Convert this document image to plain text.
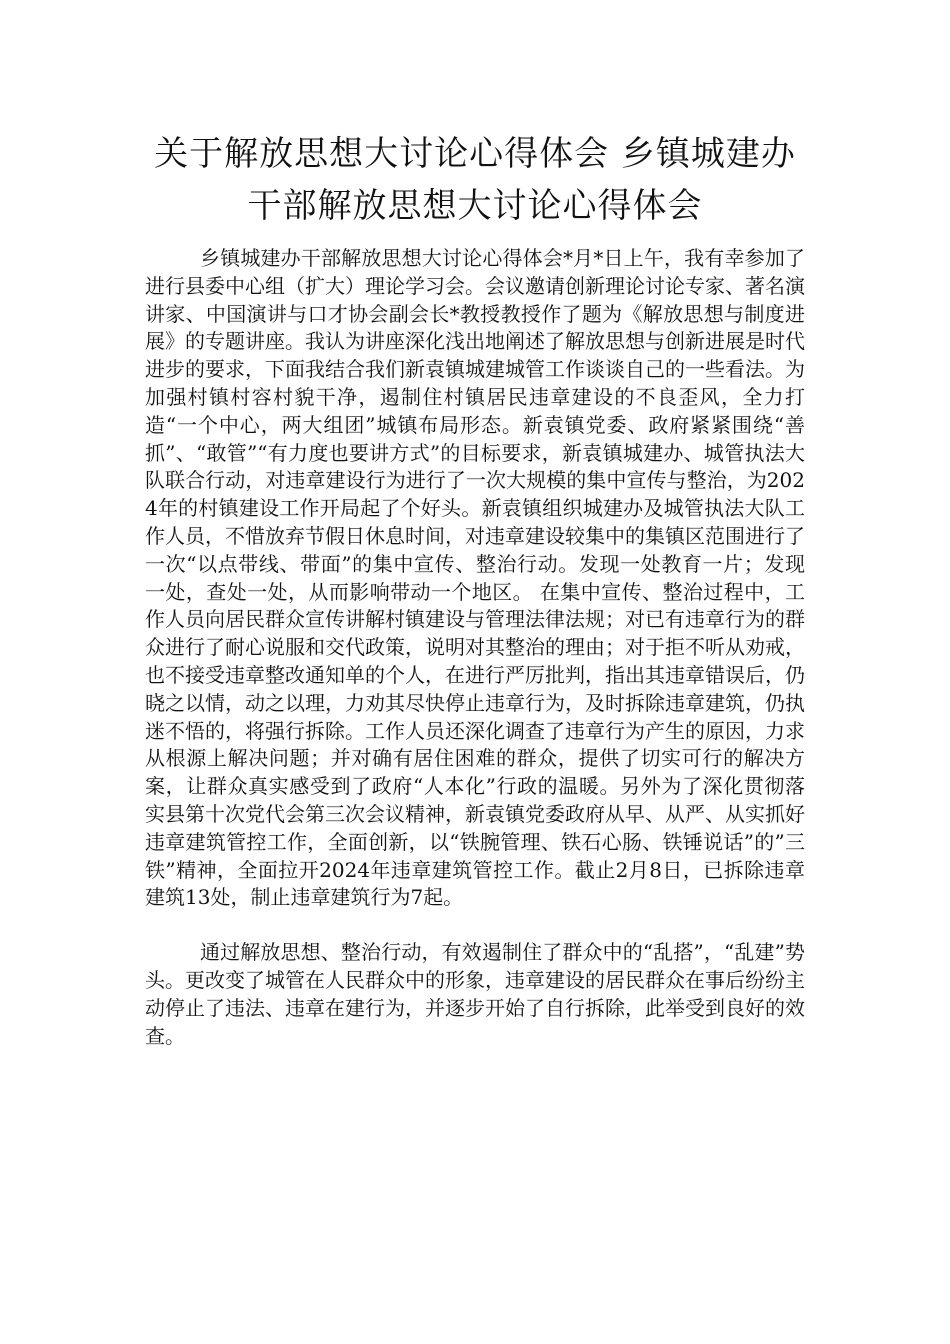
关于解放思想大讨论心得体会 乡镇城建办
干部解放思想大讨论心得体会

乡镇城建办干部解放思想大讨论心得体会*月*日上午，我有幸参加了进行县委中心组（扩大）理论学习会。会议邀请创新理论讨论专家、著名演讲家、中国演讲与口才协会副会长*教授教授作了题为《解放思想与制度进展》的专题讲座。我认为讲座深化浅出地阐述了解放思想与创新进展是时代进步的要求，下面我结合我们新袁镇城建城管工作谈谈自己的一些看法。为加强村镇村容村貌干净，遏制住村镇居民违章建设的不良歪风，全力打造“一个中心，两大组团”城镇布局形态。新袁镇党委、政府紧紧围绕“善抓”、“敢管”“有力度也要讲方式”的目标要求，新袁镇城建办、城管执法大队联合行动，对违章建设行为进行了一次大规模的集中宣传与整治，为2024年的村镇建设工作开局起了个好头。新袁镇组织城建办及城管执法大队工作人员，不惜放弃节假日休息时间，对违章建设较集中的集镇区范围进行了一次“以点带线、带面”的集中宣传、整治行动。发现一处教育一片；发现一处，查处一处，从而影响带动一个地区。 在集中宣传、整治过程中，工作人员向居民群众宣传讲解村镇建设与管理法律法规；对已有违章行为的群众进行了耐心说服和交代政策，说明对其整治的理由；对于拒不听从劝戒，也不接受违章整改通知单的个人，在进行严厉批判，指出其违章错误后，仍晓之以情，动之以理，力劝其尽快停止违章行为，及时拆除违章建筑，仍执迷不悟的，将强行拆除。工作人员还深化调查了违章行为产生的原因，力求从根源上解决问题；并对确有居住困难的群众，提供了切实可行的解决方案，让群众真实感受到了政府“人本化”行政的温暖。另外为了深化贯彻落实县第十次党代会第三次会议精神，新袁镇党委政府从早、从严、从实抓好违章建筑管控工作，全面创新，以“铁腕管理、铁石心肠、铁锤说话”的”三铁”精神，全面拉开2024年违章建筑管控工作。截止2月8日，已拆除违章建筑13处，制止违章建筑行为7起。

通过解放思想、整治行动，有效遏制住了群众中的“乱搭”，“乱建”势头。更改变了城管在人民群众中的形象，违章建设的居民群众在事后纷纷主动停止了违法、违章在建行为，并逐步开始了自行拆除，此举受到良好的效查。
